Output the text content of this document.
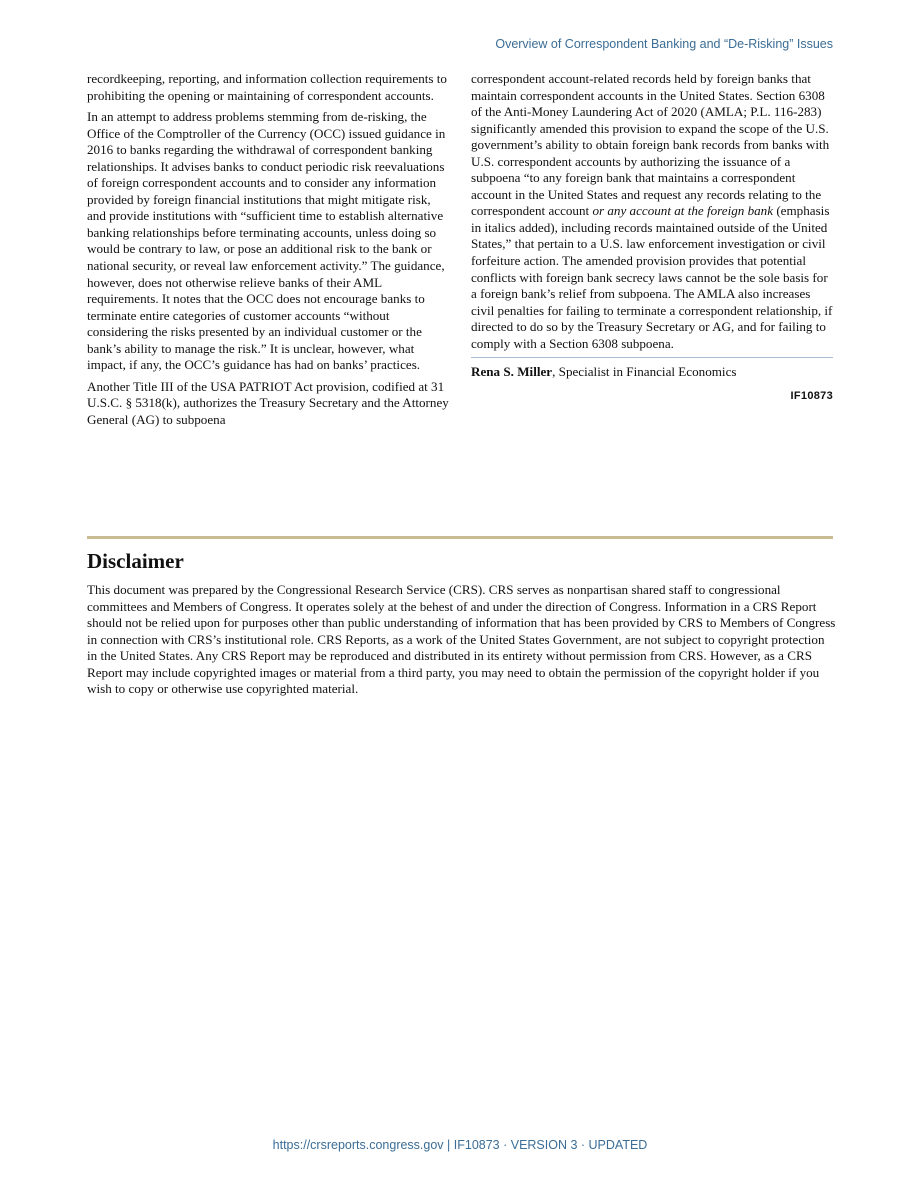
Overview of Correspondent Banking and “De-Risking” Issues

recordkeeping, reporting, and information collection requirements to prohibiting the opening or maintaining of correspondent accounts.

In an attempt to address problems stemming from de-risking, the Office of the Comptroller of the Currency (OCC) issued guidance in 2016 to banks regarding the withdrawal of correspondent banking relationships. It advises banks to conduct periodic risk reevaluations of foreign correspondent accounts and to consider any information provided by foreign financial institutions that might mitigate risk, and provide institutions with “sufficient time to establish alternative banking relationships before terminating accounts, unless doing so would be contrary to law, or pose an additional risk to the bank or national security, or reveal law enforcement activity.” The guidance, however, does not otherwise relieve banks of their AML requirements. It notes that the OCC does not encourage banks to terminate entire categories of customer accounts “without considering the risks presented by an individual customer or the bank’s ability to manage the risk.” It is unclear, however, what impact, if any, the OCC’s guidance has had on banks’ practices.

Another Title III of the USA PATRIOT Act provision, codified at 31 U.S.C. § 5318(k), authorizes the Treasury Secretary and the Attorney General (AG) to subpoena

correspondent account-related records held by foreign banks that maintain correspondent accounts in the United States. Section 6308 of the Anti-Money Laundering Act of 2020 (AMLA; P.L. 116-283) significantly amended this provision to expand the scope of the U.S. government’s ability to obtain foreign bank records from banks with U.S. correspondent accounts by authorizing the issuance of a subpoena “to any foreign bank that maintains a correspondent account in the United States and request any records relating to the correspondent account or any account at the foreign bank (emphasis in italics added), including records maintained outside of the United States,” that pertain to a U.S. law enforcement investigation or civil forfeiture action. The amended provision provides that potential conflicts with foreign bank secrecy laws cannot be the sole basis for a foreign bank’s relief from subpoena. The AMLA also increases civil penalties for failing to terminate a correspondent relationship, if directed to do so by the Treasury Secretary or AG, and for failing to comply with a Section 6308 subpoena.

Rena S. Miller, Specialist in Financial Economics

IF10873
Disclaimer

This document was prepared by the Congressional Research Service (CRS). CRS serves as nonpartisan shared staff to congressional committees and Members of Congress. It operates solely at the behest of and under the direction of Congress. Information in a CRS Report should not be relied upon for purposes other than public understanding of information that has been provided by CRS to Members of Congress in connection with CRS’s institutional role. CRS Reports, as a work of the United States Government, are not subject to copyright protection in the United States. Any CRS Report may be reproduced and distributed in its entirety without permission from CRS. However, as a CRS Report may include copyrighted images or material from a third party, you may need to obtain the permission of the copyright holder if you wish to copy or otherwise use copyrighted material.

https://crsreports.congress.gov | IF10873 · VERSION 3 · UPDATED
